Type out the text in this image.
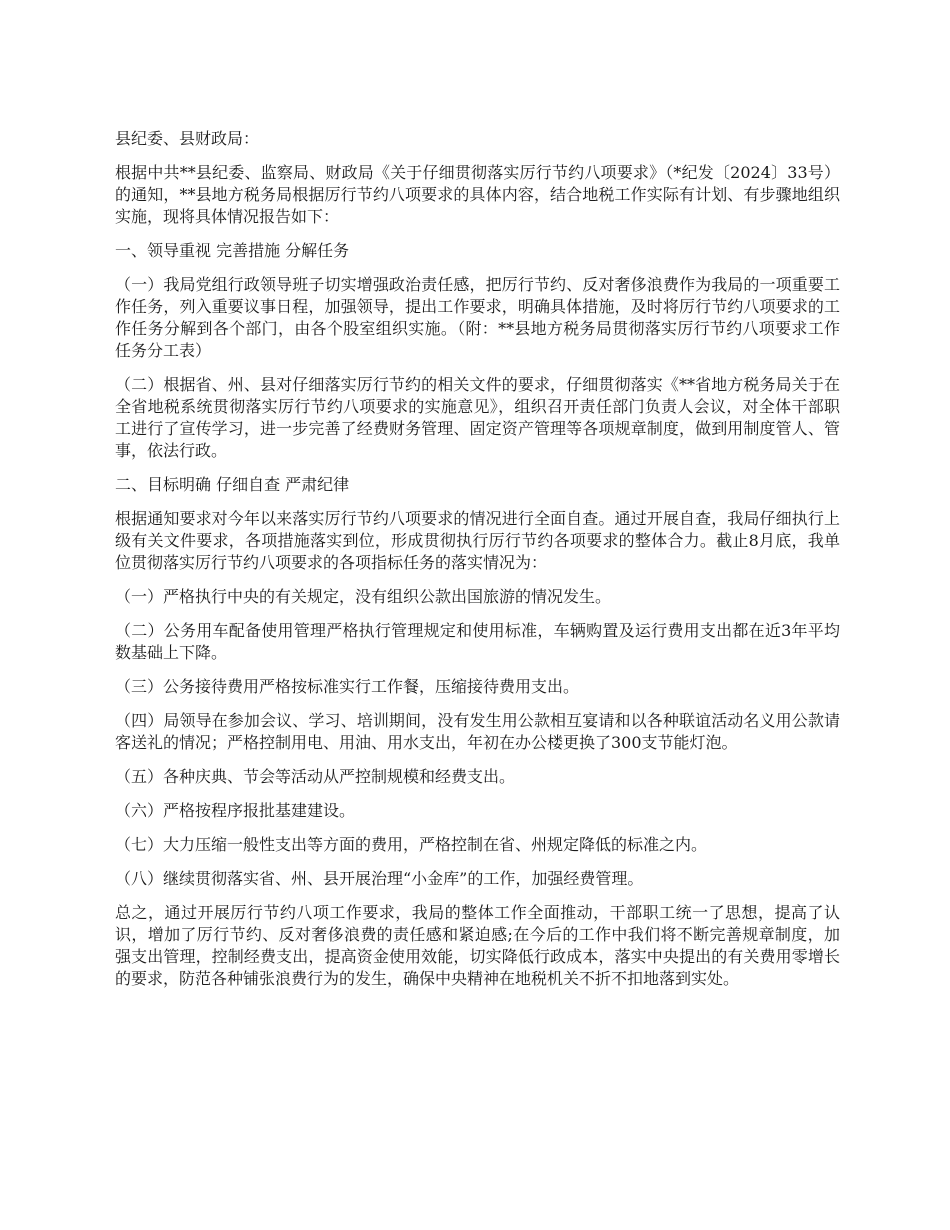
县纪委、县财政局：

根据中共**县纪委、监察局、财政局《关于仔细贯彻落实厉行节约八项要求》（*纪发〔2024〕33号）的通知，**县地方税务局根据厉行节约八项要求的具体内容，结合地税工作实际有计划、有步骤地组织实施，现将具体情况报告如下：

一、领导重视 完善措施 分解任务

（一）我局党组行政领导班子切实增强政治责任感，把厉行节约、反对奢侈浪费作为我局的一项重要工作任务，列入重要议事日程，加强领导，提出工作要求，明确具体措施，及时将厉行节约八项要求的工作任务分解到各个部门，由各个股室组织实施。（附：**县地方税务局贯彻落实厉行节约八项要求工作任务分工表）

（二）根据省、州、县对仔细落实厉行节约的相关文件的要求，仔细贯彻落实《**省地方税务局关于在全省地税系统贯彻落实厉行节约八项要求的实施意见》，组织召开责任部门负责人会议，对全体干部职工进行了宣传学习，进一步完善了经费财务管理、固定资产管理等各项规章制度，做到用制度管人、管事，依法行政。

二、目标明确 仔细自查 严肃纪律

根据通知要求对今年以来落实厉行节约八项要求的情况进行全面自查。通过开展自查，我局仔细执行上级有关文件要求，各项措施落实到位，形成贯彻执行厉行节约各项要求的整体合力。截止8月底，我单位贯彻落实厉行节约八项要求的各项指标任务的落实情况为：

（一）严格执行中央的有关规定，没有组织公款出国旅游的情况发生。

（二）公务用车配备使用管理严格执行管理规定和使用标准，车辆购置及运行费用支出都在近3年平均数基础上下降。

（三）公务接待费用严格按标准实行工作餐，压缩接待费用支出。

（四）局领导在参加会议、学习、培训期间，没有发生用公款相互宴请和以各种联谊活动名义用公款请客送礼的情况；严格控制用电、用油、用水支出，年初在办公楼更换了300支节能灯泡。

（五）各种庆典、节会等活动从严控制规模和经费支出。

（六）严格按程序报批基建建设。

（七）大力压缩一般性支出等方面的费用，严格控制在省、州规定降低的标准之内。

（八）继续贯彻落实省、州、县开展治理“小金库”的工作，加强经费管理。

总之，通过开展厉行节约八项工作要求，我局的整体工作全面推动，干部职工统一了思想，提高了认识，增加了厉行节约、反对奢侈浪费的责任感和紧迫感;在今后的工作中我们将不断完善规章制度，加强支出管理，控制经费支出，提高资金使用效能，切实降低行政成本，落实中央提出的有关费用零增长的要求，防范各种铺张浪费行为的发生，确保中央精神在地税机关不折不扣地落到实处。
